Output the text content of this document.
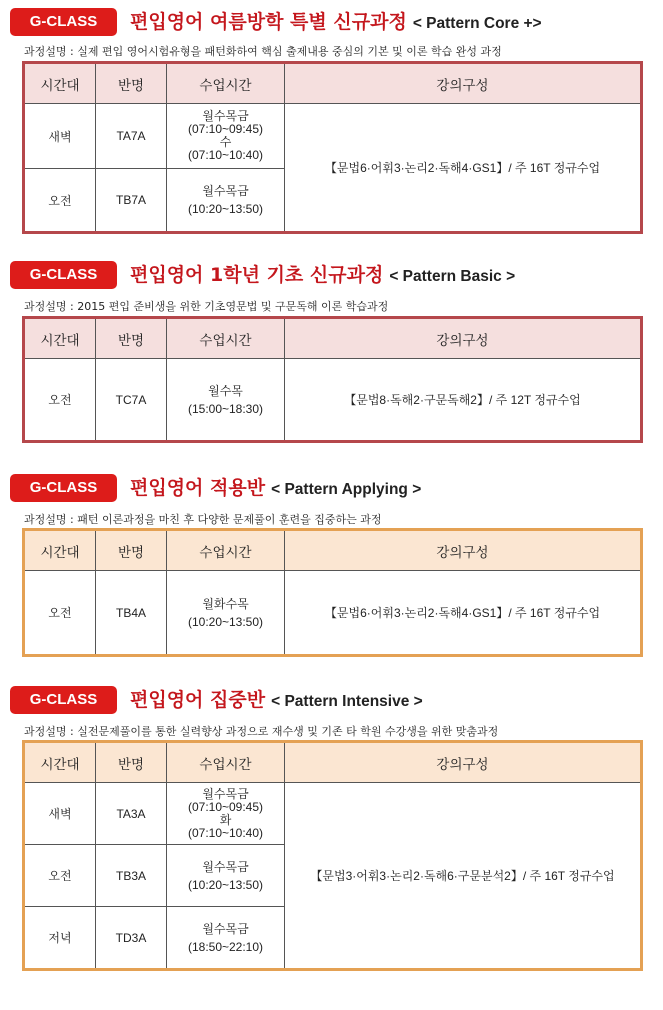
G-CLASS	편입영어 여름방학 특별 신규과정 < Pattern Core +>
과정설명 : 실제 편입 영어시험유형을 패턴화하여 핵심 출제내용 중심의 기본 및 이론 학습 완성 과정
시간대	반명	수업시간	강의구성
새벽	TA7A	월수목금
(07:10~09:45)
수
(07:10~10:40)	【문법6·어휘3·논리2·독해4·GS1】/ 주 16T 정규수업
오전	TB7A	월수목금
(10:20~13:50)	
G-CLASS	편입영어 1학년 기초 신규과정 < Pattern Basic >
과정설명 : 2015 편입 준비생을 위한 기초영문법 및 구문독해 이론 학습과정
시간대	반명	수업시간	강의구성
오전	TC7A	월수목
(15:00~18:30)	【문법8·독해2·구문독해2】/ 주 12T 정규수업
G-CLASS	편입영어 적용반 < Pattern Applying >
과정설명 : 패턴 이론과정을 마친 후 다양한 문제풀이 훈련을 집중하는 과정
시간대	반명	수업시간	강의구성
오전	TB4A	월화수목
(10:20~13:50)	【문법6·어휘3·논리2·독해4·GS1】/ 주 16T 정규수업
G-CLASS	편입영어 집중반 < Pattern Intensive >
과정설명 : 실전문제풀이를 통한 실력향상 과정으로 재수생 및 기존 타 학원 수강생을 위한 맞춤과정
시간대	반명	수업시간	강의구성
새벽	TA3A	월수목금
(07:10~09:45)
화
(07:10~10:40)	【문법3·어휘3·논리2·독해6·구문분석2】/ 주 16T 정규수업
오전	TB3A	월수목금
(10:20~13:50)	

저녁	TD3A	월수목금
(18:50~22:10)	
